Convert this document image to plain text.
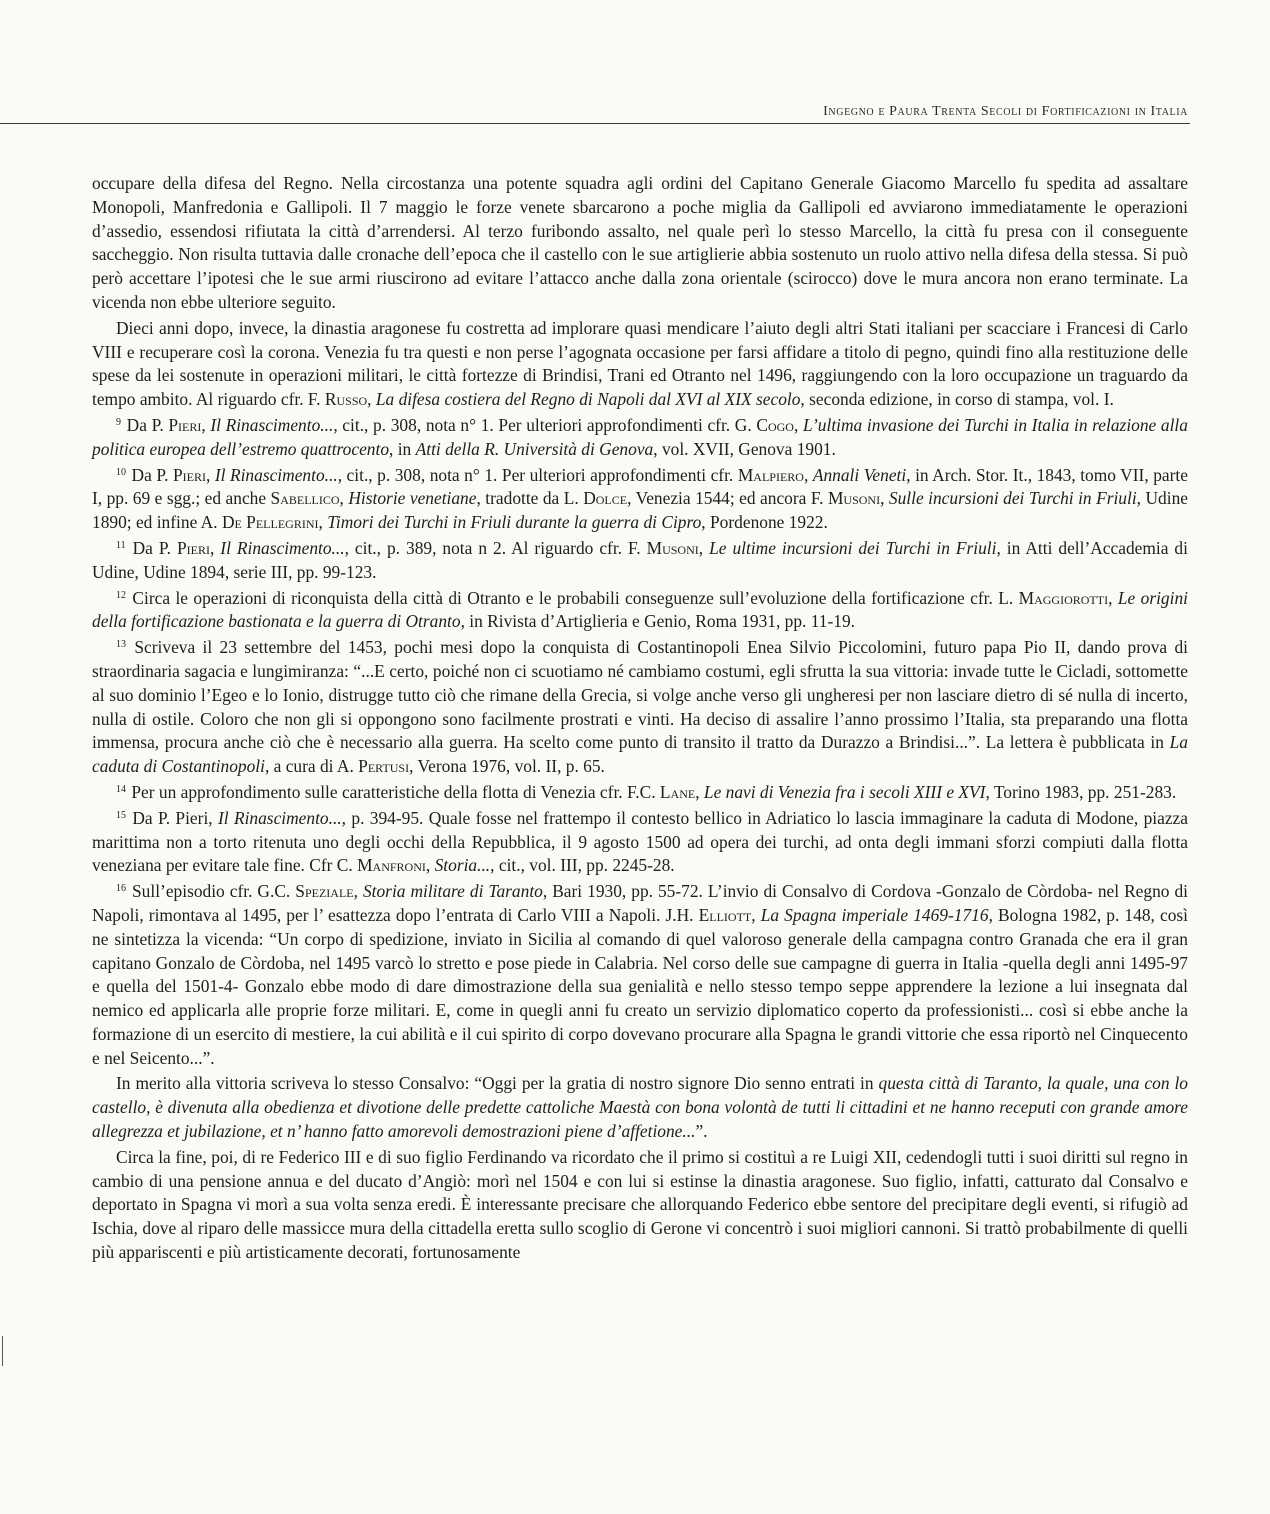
Ingegno e Paura Trenta Secoli di Fortificazioni in Italia

occupare della difesa del Regno. Nella circostanza una potente squadra agli ordini del Capitano Generale Giacomo Marcello fu spedita ad assaltare Monopoli, Manfredonia e Gallipoli. Il 7 maggio le forze venete sbarcarono a poche miglia da Gallipoli ed avviarono immediatamente le operazioni d’assedio, essendosi rifiutata la città d’arrendersi. Al terzo furibondo assalto, nel quale perì lo stesso Marcello, la città fu presa con il conseguente saccheggio. Non risulta tuttavia dalle cronache dell’epoca che il castello con le sue artiglierie abbia sostenuto un ruolo attivo nella difesa della stessa. Si può però accettare l’ipotesi che le sue armi riuscirono ad evitare l’attacco anche dalla zona orientale (scirocco) dove le mura ancora non erano terminate. La vicenda non ebbe ulteriore seguito.

Dieci anni dopo, invece, la dinastia aragonese fu costretta ad implorare quasi mendicare l’aiuto degli altri Stati italiani per scacciare i Francesi di Carlo VIII e recuperare così la corona. Venezia fu tra questi e non perse l’agognata occasione per farsi affidare a titolo di pegno, quindi fino alla restituzione delle spese da lei sostenute in operazioni militari, le città fortezze di Brindisi, Trani ed Otranto nel 1496, raggiungendo con la loro occupazione un traguardo da tempo ambito. Al riguardo cfr. F. Russo, La difesa costiera del Regno di Napoli dal XVI al XIX secolo, seconda edizione, in corso di stampa, vol. I.

$^9$ Da P. Pieri, Il Rinascimento..., cit., p. 308, nota n° 1. Per ulteriori approfondimenti cfr. G. Cogo, L’ultima invasione dei Turchi in Italia in relazione alla politica europea dell’estremo quattrocento, in Atti della R. Università di Genova, vol. XVII, Genova 1901.

$^{10}$ Da P. Pieri, Il Rinascimento..., cit., p. 308, nota n° 1. Per ulteriori approfondimenti cfr. Malpiero, Annali Veneti, in Arch. Stor. It., 1843, tomo VII, parte I, pp. 69 e sgg.; ed anche Sabellico, Historie venetiane, tradotte da L. Dolce, Venezia 1544; ed ancora F. Musoni, Sulle incursioni dei Turchi in Friuli, Udine 1890; ed infine A. De Pellegrini, Timori dei Turchi in Friuli durante la guerra di Cipro, Pordenone 1922.

$^{11}$ Da P. Pieri, Il Rinascimento..., cit., p. 389, nota n 2. Al riguardo cfr. F. Musoni, Le ultime incursioni dei Turchi in Friuli, in Atti dell’Accademia di Udine, Udine 1894, serie III, pp. 99-123.

$^{12}$ Circa le operazioni di riconquista della città di Otranto e le probabili conseguenze sull’evoluzione della fortificazione cfr. L. Maggiorotti, Le origini della fortificazione bastionata e la guerra di Otranto, in Rivista d’Artiglieria e Genio, Roma 1931, pp. 11-19.

$^{13}$ Scriveva il 23 settembre del 1453, pochi mesi dopo la conquista di Costantinopoli Enea Silvio Piccolomini, futuro papa Pio II, dando prova di straordinaria sagacia e lungimiranza: “...E certo, poiché non ci scuotiamo né cambiamo costumi, egli sfrutta la sua vittoria: invade tutte le Cicladi, sottomette al suo dominio l’Egeo e lo Ionio, distrugge tutto ciò che rimane della Grecia, si volge anche verso gli ungheresi per non lasciare dietro di sé nulla di incerto, nulla di ostile. Coloro che non gli si oppongono sono facilmente prostrati e vinti. Ha deciso di assalire l’anno prossimo l’Italia, sta preparando una flotta immensa, procura anche ciò che è necessario alla guerra. Ha scelto come punto di transito il tratto da Durazzo a Brindisi...”. La lettera è pubblicata in La caduta di Costantinopoli, a cura di A. Pertusi, Verona 1976, vol. II, p. 65.

$^{14}$ Per un approfondimento sulle caratteristiche della flotta di Venezia cfr. F.C. Lane, Le navi di Venezia fra i secoli XIII e XVI, Torino 1983, pp. 251-283.

$^{15}$ Da P. Pieri, Il Rinascimento..., p. 394-95. Quale fosse nel frattempo il contesto bellico in Adriatico lo lascia immaginare la caduta di Modone, piazza marittima non a torto ritenuta uno degli occhi della Repubblica, il 9 agosto 1500 ad opera dei turchi, ad onta degli immani sforzi compiuti dalla flotta veneziana per evitare tale fine. Cfr C. Manfroni, Storia..., cit., vol. III, pp. 2245-28.

$^{16}$ Sull’episodio cfr. G.C. Speziale, Storia militare di Taranto, Bari 1930, pp. 55-72. L’invio di Consalvo di Cordova -Gonzalo de Còrdoba- nel Regno di Napoli, rimontava al 1495, per l’ esattezza dopo l’entrata di Carlo VIII a Napoli. J.H. Elliott, La Spagna imperiale 1469-1716, Bologna 1982, p. 148, così ne sintetizza la vicenda: “Un corpo di spedizione, inviato in Sicilia al comando di quel valoroso generale della campagna contro Granada che era il gran capitano Gonzalo de Còrdoba, nel 1495 varcò lo stretto e pose piede in Calabria. Nel corso delle sue campagne di guerra in Italia -quella degli anni 1495-97 e quella del 1501-4- Gonzalo ebbe modo di dare dimostrazione della sua genialità e nello stesso tempo seppe apprendere la lezione a lui insegnata dal nemico ed applicarla alle proprie forze militari. E, come in quegli anni fu creato un servizio diplomatico coperto da professionisti... così si ebbe anche la formazione di un esercito di mestiere, la cui abilità e il cui spirito di corpo dovevano procurare alla Spagna le grandi vittorie che essa riportò nel Cinquecento e nel Seicento...”.

In merito alla vittoria scriveva lo stesso Consalvo: “Oggi per la gratia di nostro signore Dio senno entrati in questa città di Taranto, la quale, una con lo castello, è divenuta alla obedienza et divotione delle predette cattoliche Maestà con bona volontà de tutti li cittadini et ne hanno receputi con grande amore allegrezza et jubilazione, et n’ hanno fatto amorevoli demostrazioni piene d’affetione...”.

Circa la fine, poi, di re Federico III e di suo figlio Ferdinando va ricordato che il primo si costituì a re Luigi XII, cedendogli tutti i suoi diritti sul regno in cambio di una pensione annua e del ducato d’Angiò: morì nel 1504 e con lui si estinse la dinastia aragonese. Suo figlio, infatti, catturato dal Consalvo e deportato in Spagna vi morì a sua volta senza eredi. È interessante precisare che allorquando Federico ebbe sentore del precipitare degli eventi, si rifugiò ad Ischia, dove al riparo delle massicce mura della cittadella eretta sullo scoglio di Gerone vi concentrò i suoi migliori cannoni. Si trattò probabilmente di quelli più appariscenti e più artisticamente decorati, fortunosamente
